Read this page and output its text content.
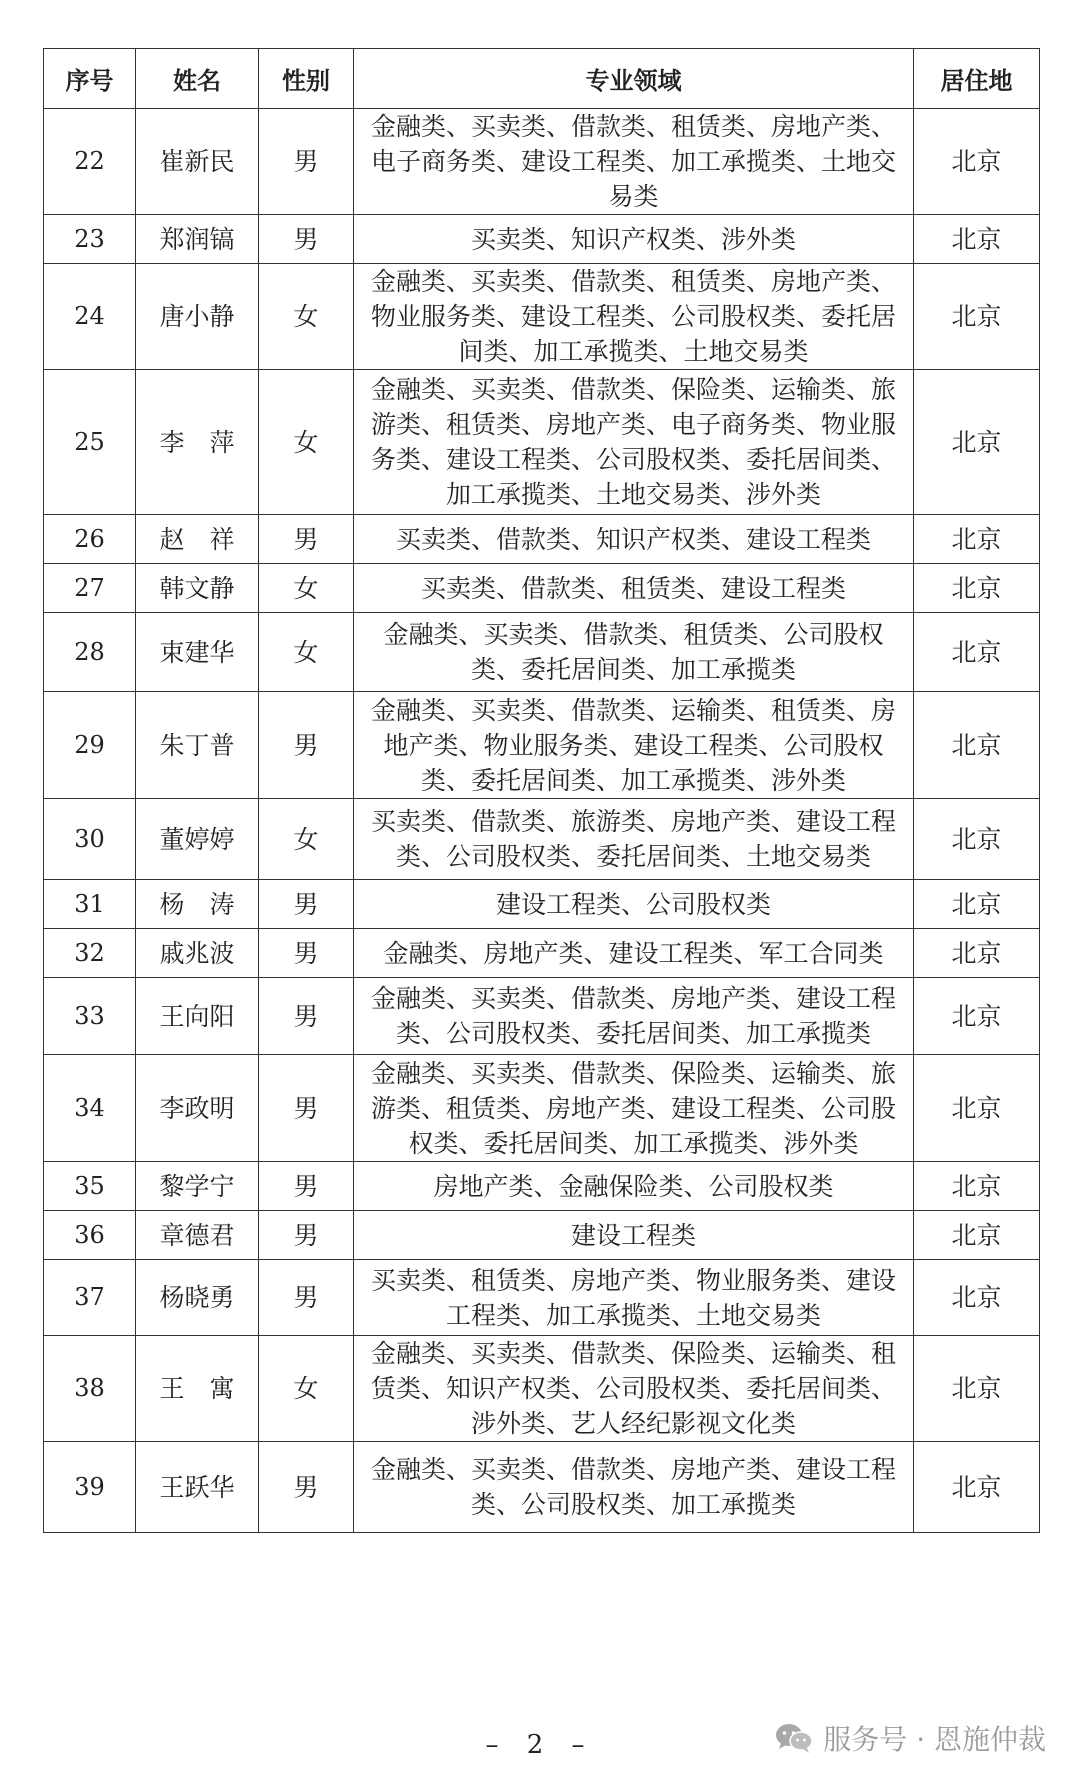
序号	姓名	性别	专业领域	居住地
22	崔新民	男	金融类、买卖类、借款类、租赁类、房地产类、电子商务类、建设工程类、加工承揽类、土地交易类	北京
23	郑润镐	男	买卖类、知识产权类、涉外类	北京
24	唐小静	女	金融类、买卖类、借款类、租赁类、房地产类、物业服务类、建设工程类、公司股权类、委托居间类、加工承揽类、土地交易类	北京
25	李　萍	女	金融类、买卖类、借款类、保险类、运输类、旅游类、租赁类、房地产类、电子商务类、物业服务类、建设工程类、公司股权类、委托居间类、加工承揽类、土地交易类、涉外类	北京
26	赵　祥	男	买卖类、借款类、知识产权类、建设工程类	北京
27	韩文静	女	买卖类、借款类、租赁类、建设工程类	北京
28	束建华	女	金融类、买卖类、借款类、租赁类、公司股权类、委托居间类、加工承揽类	北京
29	朱丁普	男	金融类、买卖类、借款类、运输类、租赁类、房地产类、物业服务类、建设工程类、公司股权类、委托居间类、加工承揽类、涉外类	北京
30	董婷婷	女	买卖类、借款类、旅游类、房地产类、建设工程类、公司股权类、委托居间类、土地交易类	北京
31	杨　涛	男	建设工程类、公司股权类	北京
32	戚兆波	男	金融类、房地产类、建设工程类、军工合同类	北京
33	王向阳	男	金融类、买卖类、借款类、房地产类、建设工程类、公司股权类、委托居间类、加工承揽类	北京
34	李政明	男	金融类、买卖类、借款类、保险类、运输类、旅游类、租赁类、房地产类、建设工程类、公司股权类、委托居间类、加工承揽类、涉外类	北京
35	黎学宁	男	房地产类、金融保险类、公司股权类	北京
36	章德君	男	建设工程类	北京
37	杨晓勇	男	买卖类、租赁类、房地产类、物业服务类、建设工程类、加工承揽类、土地交易类	北京
38	王　寓	女	金融类、买卖类、借款类、保险类、运输类、租赁类、知识产权类、公司股权类、委托居间类、涉外类、艺人经纪影视文化类	北京
39	王跃华	男	金融类、买卖类、借款类、房地产类、建设工程类、公司股权类、加工承揽类	北京
– 2 –	服务号 · 恩施仲裁
